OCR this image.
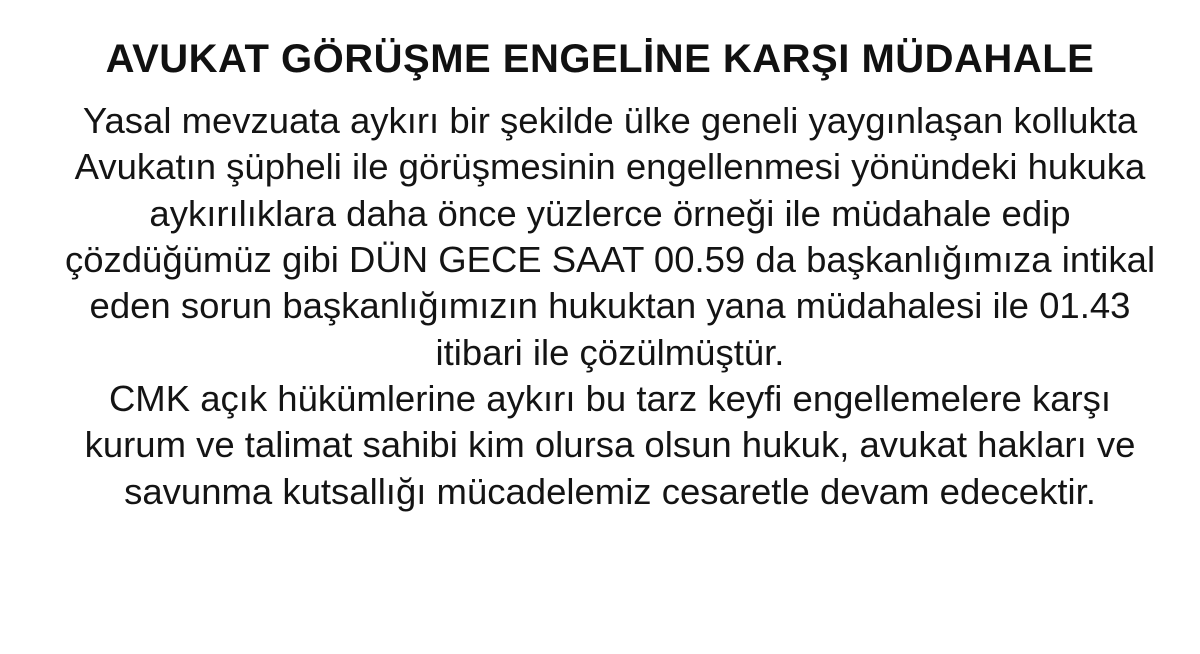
AVUKAT GÖRÜŞME ENGELİNE KARŞI MÜDAHALE

Yasal mevzuata aykırı bir şekilde ülke geneli yaygınlaşan kollukta Avukatın şüpheli ile görüşmesinin engellenmesi yönündeki hukuka aykırılıklara daha önce yüzlerce örneği ile müdahale edip çözdüğümüz gibi DÜN GECE SAAT 00.59 da başkanlığımıza intikal eden sorun başkanlığımızın hukuktan yana müdahalesi ile 01.43 itibari ile çözülmüştür.

CMK açık hükümlerine aykırı bu tarz keyfi engellemelere karşı kurum ve talimat sahibi kim olursa olsun hukuk, avukat hakları ve savunma kutsallığı mücadelemiz cesaretle devam edecektir.
